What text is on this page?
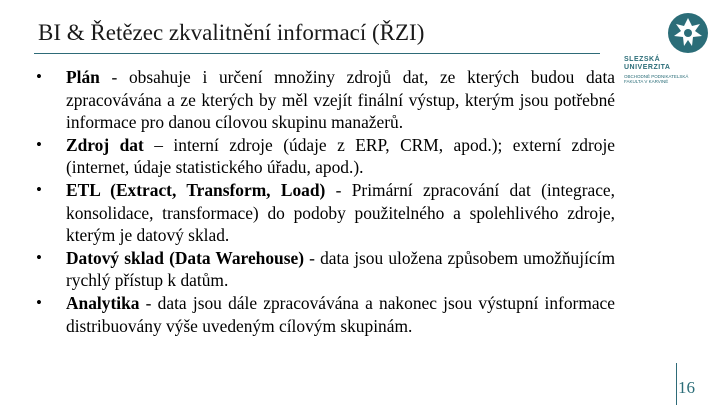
BI & Řetězec zkvalitnění informací (ŘZI)
SLEZSKÁ
UNIVERZITA
OBCHODNĚ PODNIKATELSKÁ
FAKULTA V KARVINÉ

• Plán - obsahuje i určení množiny zdrojů dat, ze kterých budou data zpracovávána a ze kterých by měl vzejít finální výstup, kterým jsou potřebné informace pro danou cílovou skupinu manažerů.

• Zdroj dat – interní zdroje (údaje z ERP, CRM, apod.); externí zdroje (internet, údaje statistického úřadu, apod.).

• ETL (Extract, Transform, Load) - Primární zpracování dat (integrace, konsolidace, transformace) do podoby použitelného a spolehlivého zdroje, kterým je datový sklad.

• Datový sklad (Data Warehouse) - data jsou uložena způsobem umožňujícím rychlý přístup k datům.

• Analytika - data jsou dále zpracovávána a nakonec jsou výstupní informace distribuovány výše uvedeným cílovým skupinám.

16
